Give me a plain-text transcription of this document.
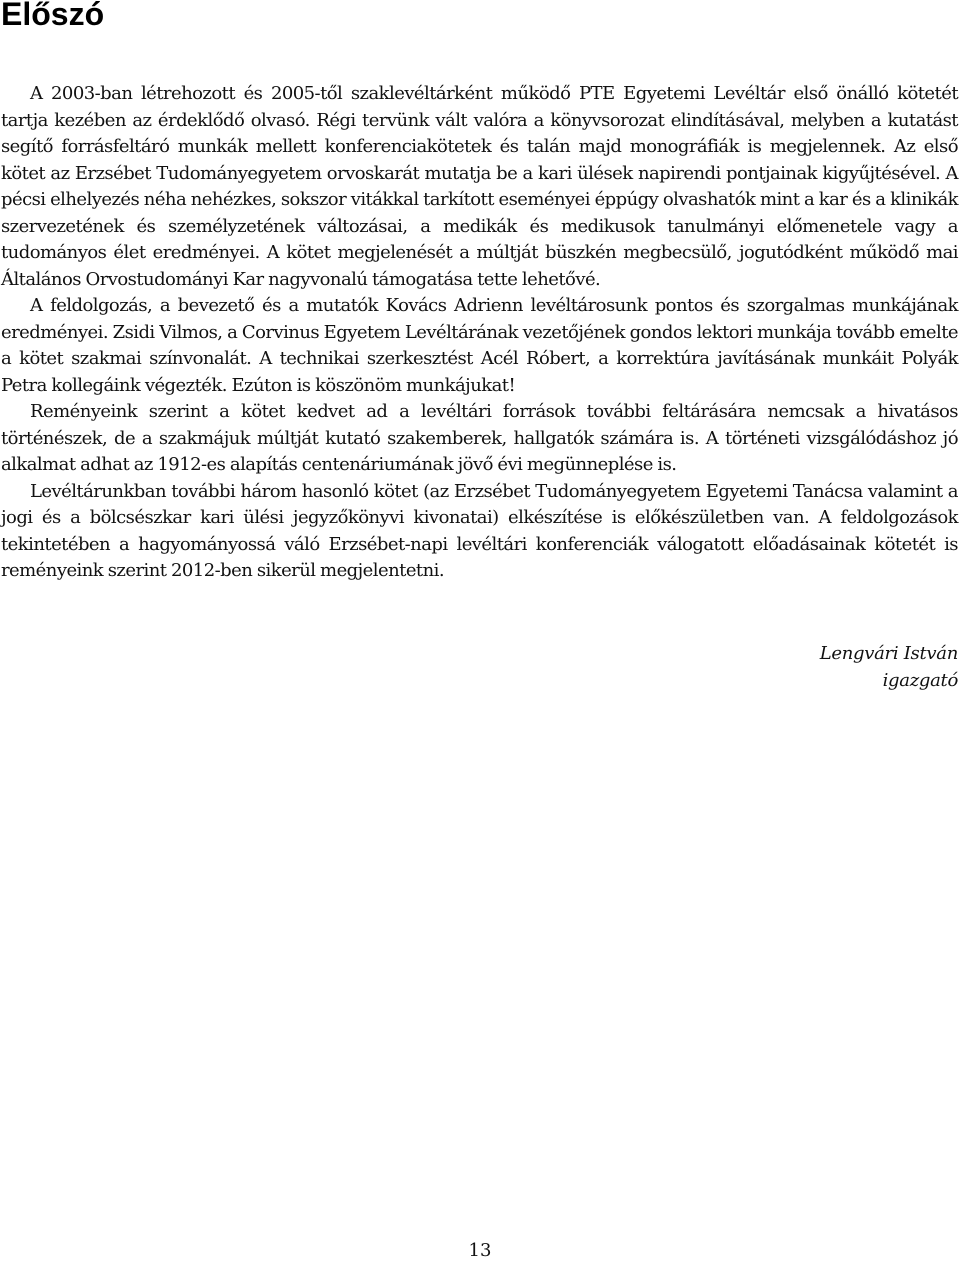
Előszó

A 2003-ban létrehozott és 2005-től szaklevéltárként működő PTE Egyetemi Levéltár első önálló kötetét tartja kezében az érdeklődő olvasó. Régi tervünk vált valóra a könyvsorozat elindításával, melyben a kutatást segítő forrásfeltáró munkák mellett konferenciakötetek és talán majd monográfiák is megjelennek. Az első kötet az Erzsébet Tudományegyetem orvoskarát mutatja be a kari ülések napirendi pontjainak kigyűjtésével. A pécsi elhelyezés néha nehézkes, sokszor vitákkal tarkított eseményei éppúgy olvashatók mint a kar és a klinikák szervezetének és személyzetének változásai, a medikák és medikusok tanulmányi előmenetele vagy a tudományos élet eredményei. A kötet megjelenését a múltját büszkén megbecsülő, jogutódként működő mai Általános Orvostudományi Kar nagyvonalú támogatása tette lehetővé.

A feldolgozás, a bevezető és a mutatók Kovács Adrienn levéltárosunk pontos és szorgalmas munkájának eredményei. Zsidi Vilmos, a Corvinus Egyetem Levéltárának vezetőjének gondos lektori munkája tovább emelte a kötet szakmai színvonalát. A technikai szerkesztést Acél Róbert, a korrektúra javításának munkáit Polyák Petra kollegáink végezték. Ezúton is köszönöm munkájukat!

Reményeink szerint a kötet kedvet ad a levéltári források további feltárására nemcsak a hivatásos történészek, de a szakmájuk múltját kutató szakemberek, hallgatók számára is. A történeti vizsgálódáshoz jó alkalmat adhat az 1912-es alapítás centenáriumának jövő évi megünneplése is.

Levéltárunkban további három hasonló kötet (az Erzsébet Tudományegyetem Egyetemi Tanácsa valamint a jogi és a bölcsészkar kari ülési jegyzőkönyvi kivonatai) elkészítése is előkészületben van. A feldolgozások tekintetében a hagyományossá váló Erzsébet-napi levéltári konferenciák válogatott előadásainak kötetét is reményeink szerint 2012-ben sikerül megjelentetni.

Lengvári István
igazgató
13
